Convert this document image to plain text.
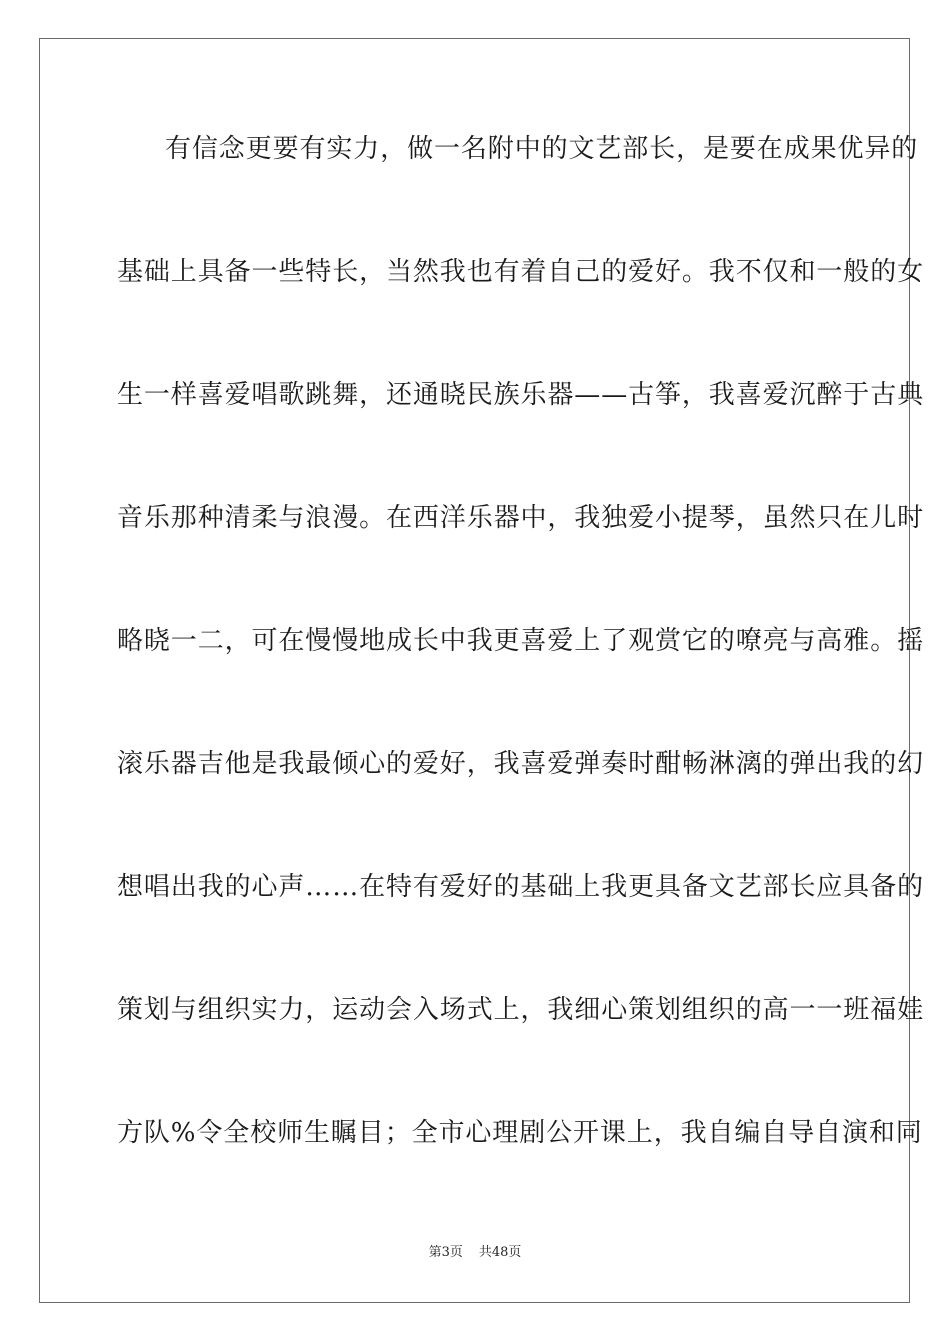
有信念更要有实力，做一名附中的文艺部长，是要在成果优异的
基础上具备一些特长，当然我也有着自己的爱好。我不仅和一般的女
生一样喜爱唱歌跳舞，还通晓民族乐器——古筝，我喜爱沉醉于古典
音乐那种清柔与浪漫。在西洋乐器中，我独爱小提琴，虽然只在儿时
略晓一二，可在慢慢地成长中我更喜爱上了观赏它的嘹亮与高雅。摇
滚乐器吉他是我最倾心的爱好，我喜爱弹奏时酣畅淋漓的弹出我的幻
想唱出我的心声……在特有爱好的基础上我更具备文艺部长应具备的
策划与组织实力，运动会入场式上，我细心策划组织的高一一班福娃
方队%令全校师生瞩目；全市心理剧公开课上，我自编自导自演和同
第3页 共48页
